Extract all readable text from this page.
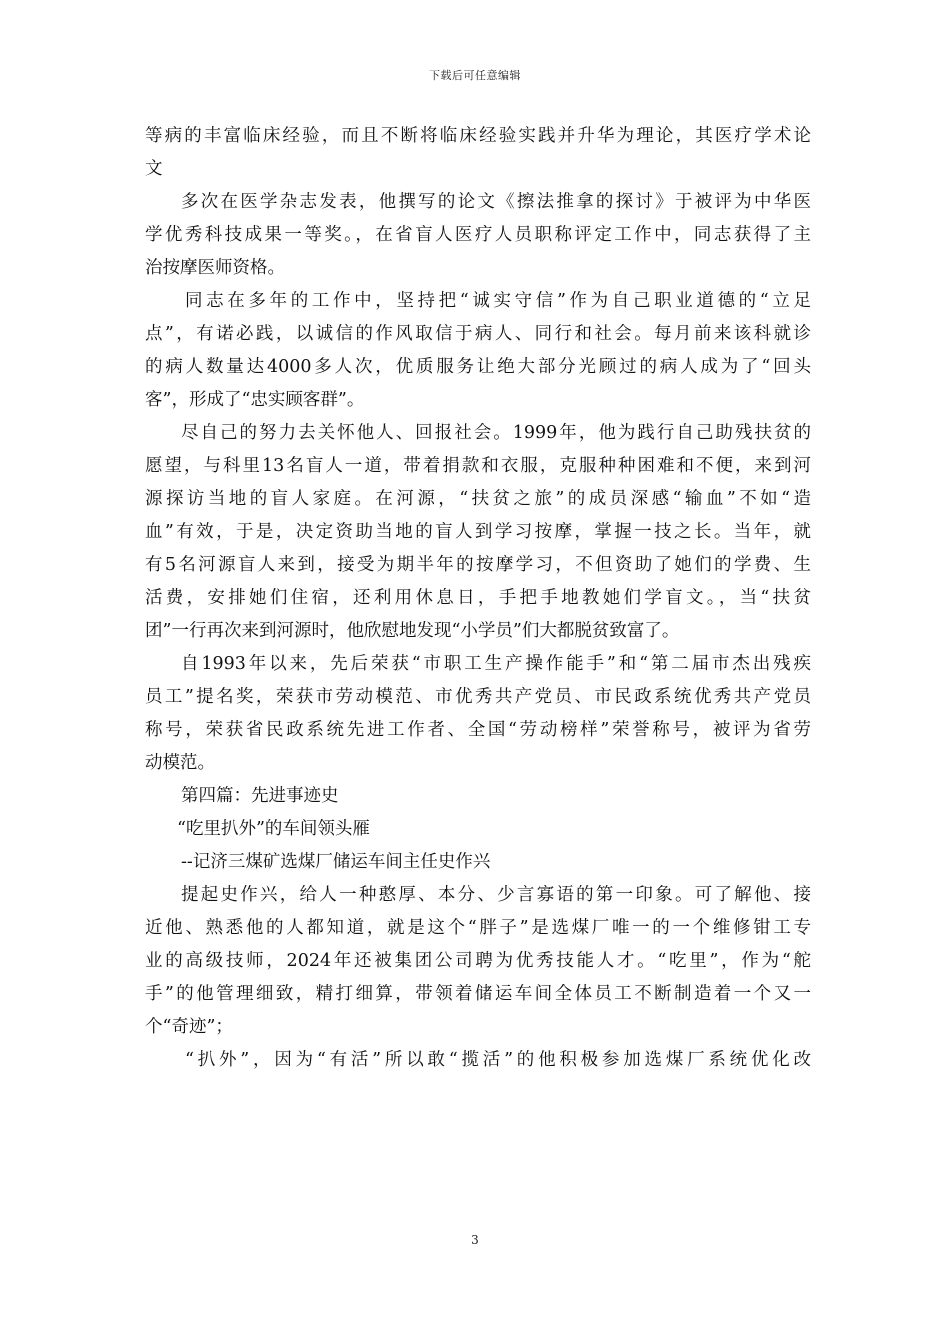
下载后可任意编辑
等病的丰富临床经验，而且不断将临床经验实践并升华为理论，其医疗学术论
文
多次在医学杂志发表，他撰写的论文《擦法推拿的探讨》于被评为中华医
学优秀科技成果一等奖。，在省盲人医疗人员职称评定工作中，同志获得了主
治按摩医师资格。
同志在多年的工作中，坚持把“诚实守信”作为自己职业道德的“立足
点”，有诺必践，以诚信的作风取信于病人、同行和社会。每月前来该科就诊
的病人数量达4000多人次，优质服务让绝大部分光顾过的病人成为了“回头
客”，形成了“忠实顾客群”。
尽自己的努力去关怀他人、回报社会。1999年，他为践行自己助残扶贫的
愿望，与科里13名盲人一道，带着捐款和衣服，克服种种困难和不便，来到河
源探访当地的盲人家庭。在河源，“扶贫之旅”的成员深感“输血”不如“造
血”有效，于是，决定资助当地的盲人到学习按摩，掌握一技之长。当年，就
有5名河源盲人来到，接受为期半年的按摩学习，不但资助了她们的学费、生
活费，安排她们住宿，还利用休息日，手把手地教她们学盲文。，当“扶贫
团”一行再次来到河源时，他欣慰地发现“小学员”们大都脱贫致富了。
自1993年以来，先后荣获“市职工生产操作能手”和“第二届市杰出残疾
员工”提名奖，荣获市劳动模范、市优秀共产党员、市民政系统优秀共产党员
称号，荣获省民政系统先进工作者、全国“劳动榜样”荣誉称号，被评为省劳
动模范。
第四篇：先进事迹史
“吃里扒外”的车间领头雁
--记济三煤矿选煤厂储运车间主任史作兴
提起史作兴，给人一种憨厚、本分、少言寡语的第一印象。可了解他、接
近他、熟悉他的人都知道，就是这个“胖子”是选煤厂唯一的一个维修钳工专
业的高级技师，2024年还被集团公司聘为优秀技能人才。“吃里”，作为“舵
手”的他管理细致，精打细算，带领着储运车间全体员工不断制造着一个又一
个“奇迹”；
“扒外”，因为“有活”所以敢“揽活”的他积极参加选煤厂系统优化改
3
